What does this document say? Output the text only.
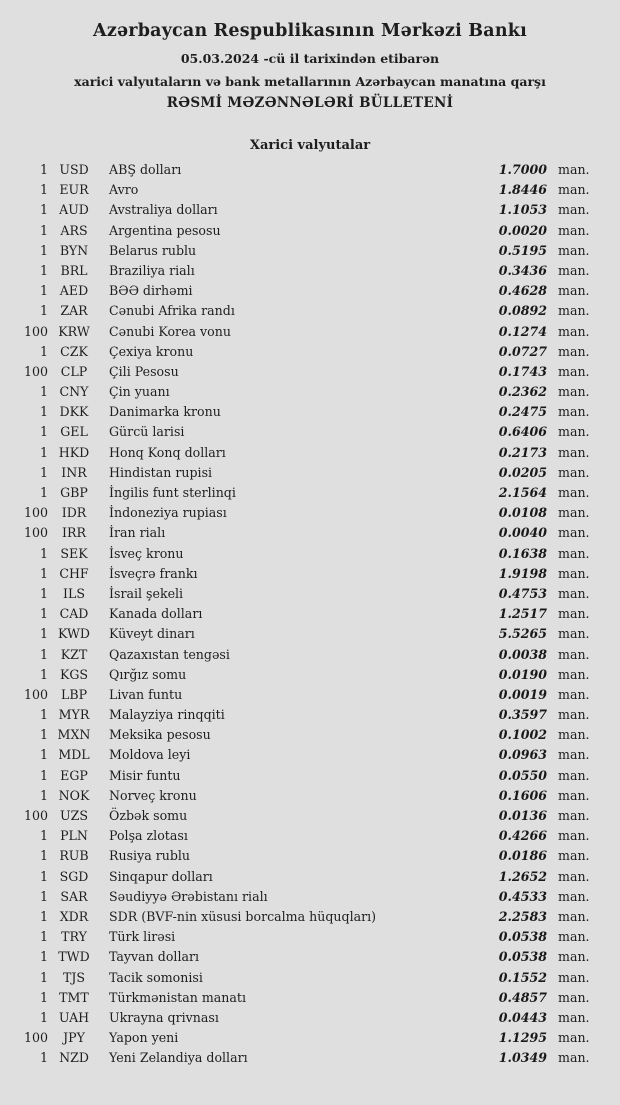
Azərbaycan Respublikasının Mərkəzi Bankı
05.03.2024 -cü il tarixindən etibarən
xarici valyutaların və bank metallarının Azərbaycan manatına qarşı
RƏSMİ MƏZƏNNƏLƏRİ BÜLLETENİ
Xarici valyutalar
1 USD	ABŞ dolları	1.7000 man.
1 EUR	Avro	1.8446 man.
1 AUD	Avstraliya dolları	1.1053 man.
1 ARS	Argentina pesosu	0.0020 man.
1 BYN	Belarus rublu	0.5195 man.
1 BRL	Braziliya rialı	0.3436 man.
1 AED	BƏƏ dirhəmi	0.4628 man.
1 ZAR	Cənubi Afrika randı	0.0892 man.
100 KRW	Cənubi Korea vonu	0.1274 man.
1 CZK	Çexiya kronu	0.0727 man.
100	CLP	Çili Pesosu	0.1743 man.
1 CNY	Çin yuanı	0.2362 man.
1 DKK	Danimarka kronu	0.2475 man.
1 GEL	Gürcü larisi	0.6406 man.
1 HKD	Honq Konq dolları	0.2173 man.
1	INR	Hindistan rupisi	0.0205 man.
1 GBP	İngilis funt sterlinqi	2.1564 man.
100	IDR	İndoneziya rupiası	0.0108 man.
100	IRR	İran rialı	0.0040 man.
1 SEK	İsveç kronu	0.1638 man.
1 CHF	İsveçrə frankı	1.9198 man.
1	ILS	İsrail şekeli	0.4753 man.
1 CAD	Kanada dolları	1.2517 man.
1 KWD	Küveyt dinarı	5.5265 man.
1	KZT	Qazaxıstan tengəsi	0.0038 man.
1 KGS	Qırğız somu	0.0190 man.
100	LBP	Livan funtu	0.0019 man.
1 MYR	Malayziya rinqqiti	0.3597 man.
1 MXN	Meksika pesosu	0.1002 man.
1 MDL	Moldova leyi	0.0963 man.
1 EGP	Misir funtu	0.0550 man.
1 NOK	Norveç kronu	0.1606 man.
100 UZS	Özbək somu	0.0136 man.
1 PLN	Polşa zlotası	0.4266 man.
1 RUB	Rusiya rublu	0.0186 man.
1 SGD	Sinqapur dolları	1.2652 man.
1 SAR	Səudiyyə Ərəbistanı rialı	0.4533 man.
1 XDR	SDR (BVF-nin xüsusi borcalma hüquqları)	2.2583 man.
1	TRY	Türk lirəsi	0.0538 man.
1 TWD	Tayvan dolları	0.0538 man.
1	TJS	Tacik somonisi	0.1552 man.
1 TMT	Türkmənistan manatı	0.4857 man.
1 UAH	Ukrayna qrivnası	0.0443 man.
100	JPY	Yapon yeni	1.1295 man.
1 NZD	Yeni Zelandiya dolları	1.0349 man.
